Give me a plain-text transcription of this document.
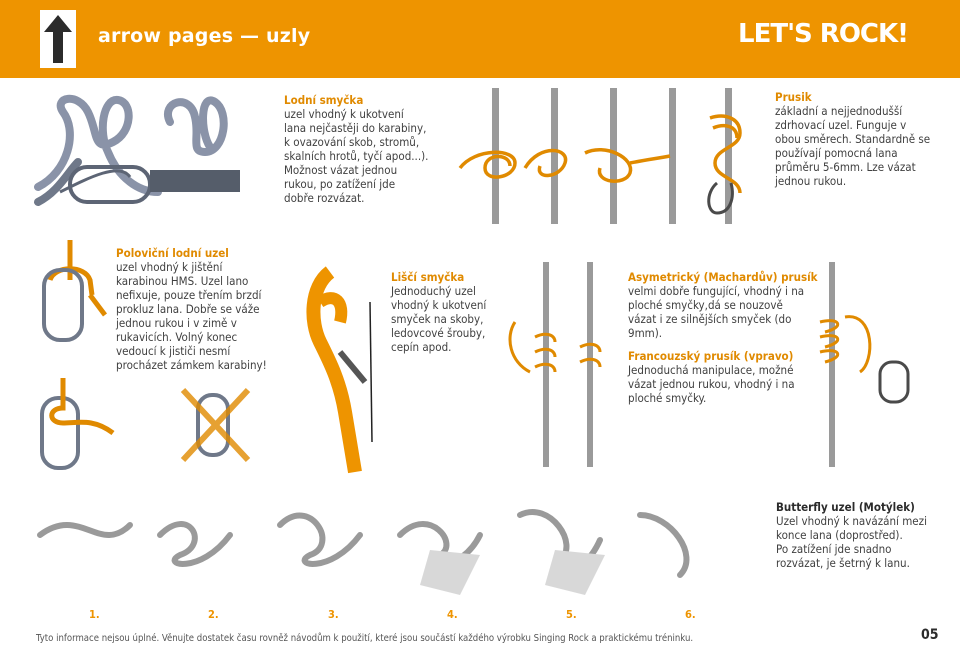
arrow pages — uzly	LET'S ROCK!
Lodní smyčka
uzel vhodný k ukotvení
lana nejčastěji do karabiny,
k ovazování skob, stromů,
skalních hrotů, tyčí apod...).
Možnost vázat jednou
rukou, po zatížení jde
dobře rozvázat.
Prusik
základní a nejjednodušší
zdrhovací uzel. Funguje v
obou směrech. Standardně se
používají pomocná lana
průměru 5-6mm. Lze vázat
jednou rukou.
Poloviční lodní uzel
uzel vhodný k jištění
karabinou HMS. Uzel lano
nefixuje, pouze třením brzdí
prokluz lana. Dobře se váže
jednou rukou i v zimě v
rukavicích. Volný konec
vedoucí k jističi nesmí
procházet zámkem karabiny!
Liščí smyčka
Jednoduchý uzel
vhodný k ukotvení
smyček na skoby,
ledovcové šrouby,
cepín apod.
Asymetrický (Machardův) prusík
velmi dobře fungující, vhodný i na
ploché smyčky,dá se nouzově
vázat i ze silnějších smyček (do
9mm).
Francouzský prusík (vpravo)
Jednoduchá manipulace, možné
vázat jednou rukou, vhodný i na
ploché smyčky.
Butterfly uzel (Motýlek)
Uzel vhodný k navázání mezi
konce lana (doprostřed).
Po zatížení jde snadno
rozvázat, je šetrný k lanu.
1.	2.	3.	4.	5.	6.
Tyto informace nejsou úplné. Věnujte dostatek času rovněž návodům k použití, které jsou součástí každého výrobku Singing Rock a praktickému tréninku.	05
